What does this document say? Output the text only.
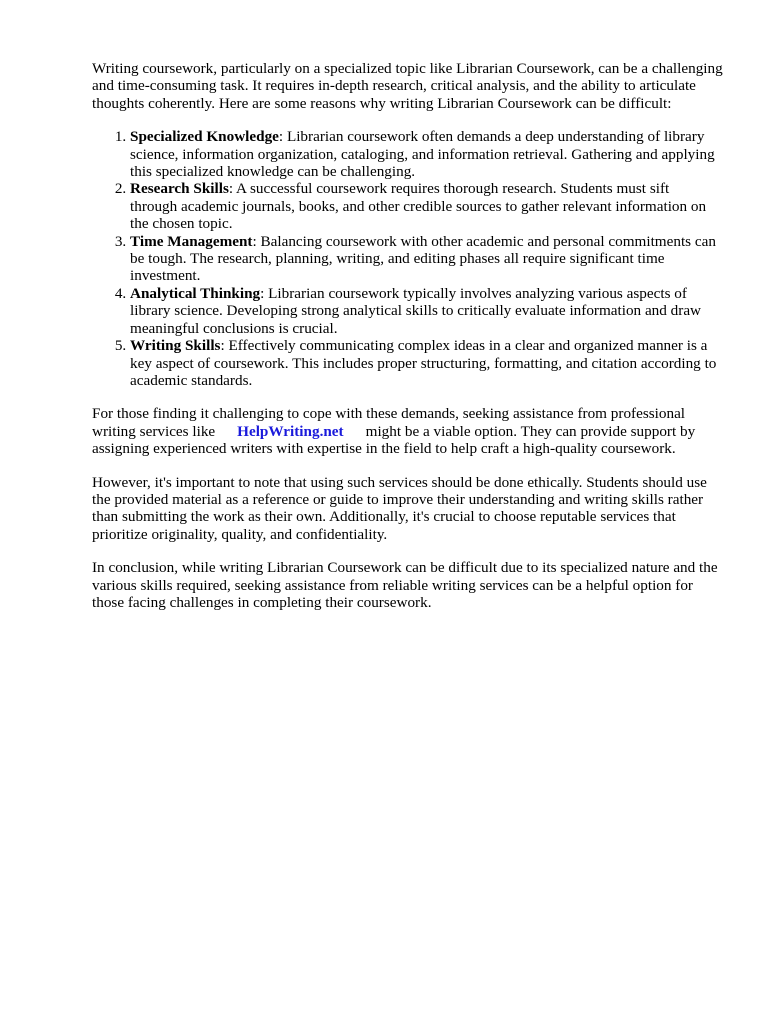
Writing coursework, particularly on a specialized topic like Librarian Coursework, can be a challenging and time-consuming task. It requires in-depth research, critical analysis, and the ability to articulate thoughts coherently. Here are some reasons why writing Librarian Coursework can be difficult:

1. Specialized Knowledge: Librarian coursework often demands a deep understanding of library science, information organization, cataloging, and information retrieval. Gathering and applying this specialized knowledge can be challenging.
2. Research Skills: A successful coursework requires thorough research. Students must sift through academic journals, books, and other credible sources to gather relevant information on the chosen topic.
3. Time Management: Balancing coursework with other academic and personal commitments can be tough. The research, planning, writing, and editing phases all require significant time investment.
4. Analytical Thinking: Librarian coursework typically involves analyzing various aspects of library science. Developing strong analytical skills to critically evaluate information and draw meaningful conclusions is crucial.
5. Writing Skills: Effectively communicating complex ideas in a clear and organized manner is a key aspect of coursework. This includes proper structuring, formatting, and citation according to academic standards.

For those finding it challenging to cope with these demands, seeking assistance from professional writing services like HelpWriting.net might be a viable option. They can provide support by assigning experienced writers with expertise in the field to help craft a high-quality coursework.

However, it's important to note that using such services should be done ethically. Students should use the provided material as a reference or guide to improve their understanding and writing skills rather than submitting the work as their own. Additionally, it's crucial to choose reputable services that prioritize originality, quality, and confidentiality.

In conclusion, while writing Librarian Coursework can be difficult due to its specialized nature and the various skills required, seeking assistance from reliable writing services can be a helpful option for those facing challenges in completing their coursework.
